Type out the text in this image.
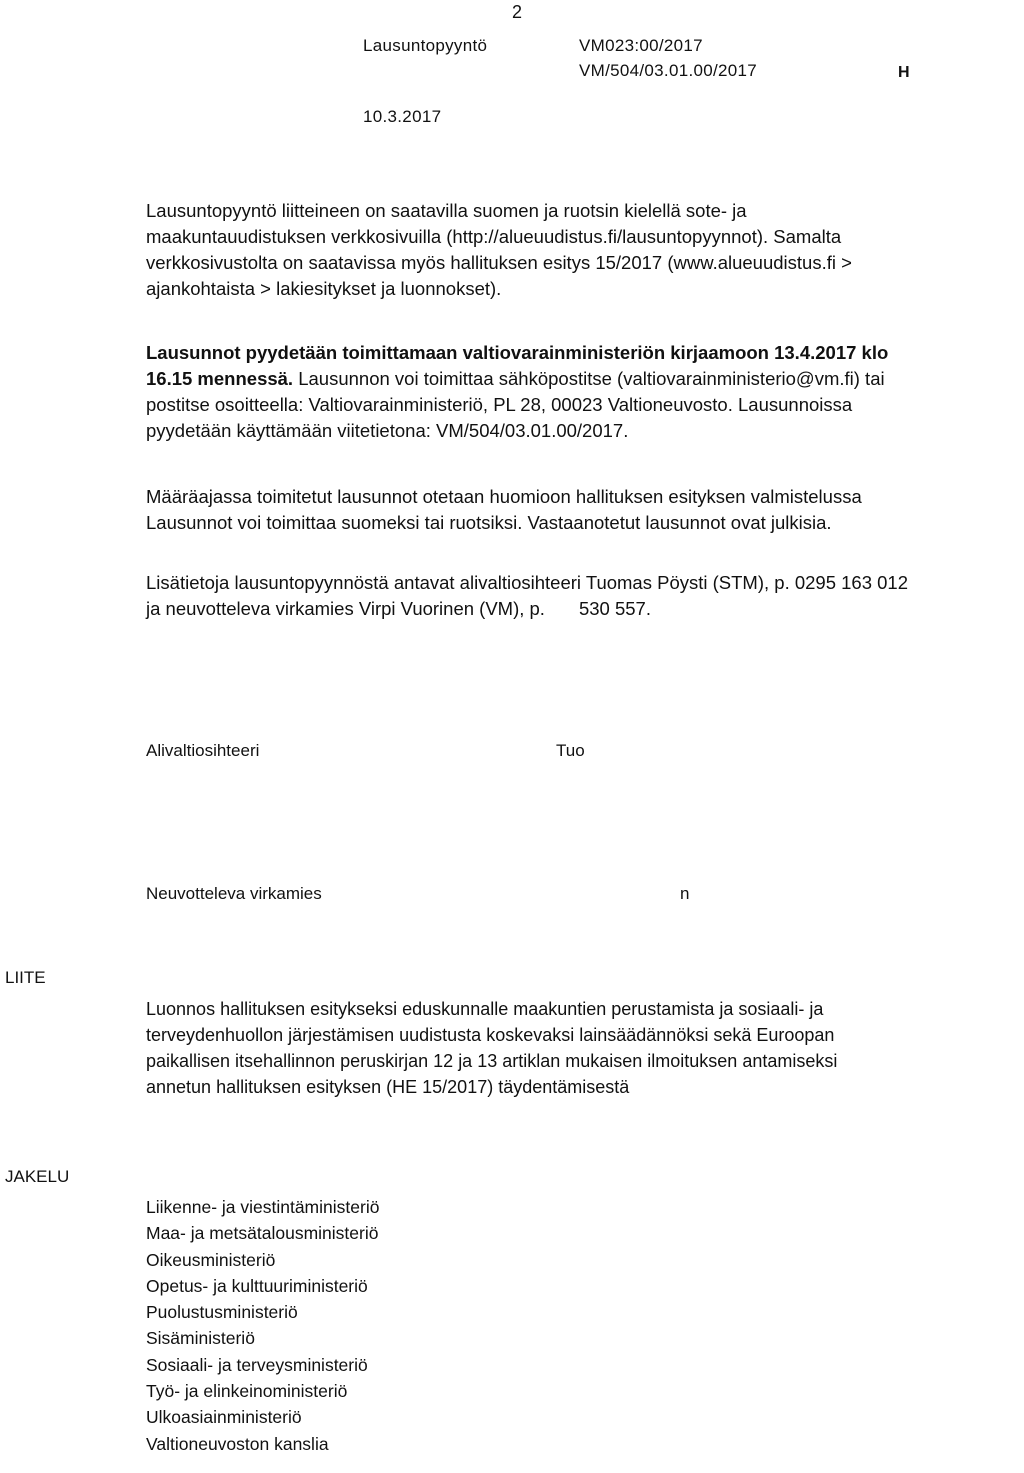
2
Lausuntopyyntö	VM023:00/2017
VM/504/03.01.00/2017	H
10.3.2017

Lausuntopyyntö liitteineen on saatavilla suomen ja ruotsin kielellä sote- ja

maakuntauudistuksen verkkosivuilla (http://alueuudistus.fi/lausuntopyynnot). Samalta

verkkosivustolta on saatavissa myös hallituksen esitys 15/2017 (www.alueuudistus.fi >

ajankohtaista > lakiesitykset ja luonnokset).

Lausunnot pyydetään toimittamaan valtiovarainministeriön kirjaamoon 13.4.2017 klo

16.15 mennessä. Lausunnon voi toimittaa sähköpostitse (valtiovarainministerio@vm.fi) tai

postitse osoitteella: Valtiovarainministeriö, PL 28, 00023 Valtioneuvosto. Lausunnoissa

pyydetään käyttämään viitetietona: VM/504/03.01.00/2017.

Määräajassa toimitetut lausunnot otetaan huomioon hallituksen esityksen valmistelussa

Lausunnot voi toimittaa suomeksi tai ruotsiksi. Vastaanotetut lausunnot ovat julkisia.

Lisätietoja lausuntopyynnöstä antavat alivaltiosihteeri Tuomas Pöysti (STM), p. 0295 163 012

ja neuvotteleva virkamies Virpi Vuorinen (VM), p. 530 557.

Alivaltiosihteeri	Tuo
Neuvotteleva virkamies	n
LIITE

Luonnos hallituksen esitykseksi eduskunnalle maakuntien perustamista ja sosiaali- ja

terveydenhuollon järjestämisen uudistusta koskevaksi lainsäädännöksi sekä Euroopan

paikallisen itsehallinnon peruskirjan 12 ja 13 artiklan mukaisen ilmoituksen antamiseksi

annetun hallituksen esityksen (HE 15/2017) täydentämisestä

JAKELU
Liikenne- ja viestintäministeriö
Maa- ja metsätalousministeriö
Oikeusministeriö
Opetus- ja kulttuuriministeriö
Puolustusministeriö
Sisäministeriö
Sosiaali- ja terveysministeriö
Työ- ja elinkeinoministeriö
Ulkoasiainministeriö
Valtioneuvoston kanslia
